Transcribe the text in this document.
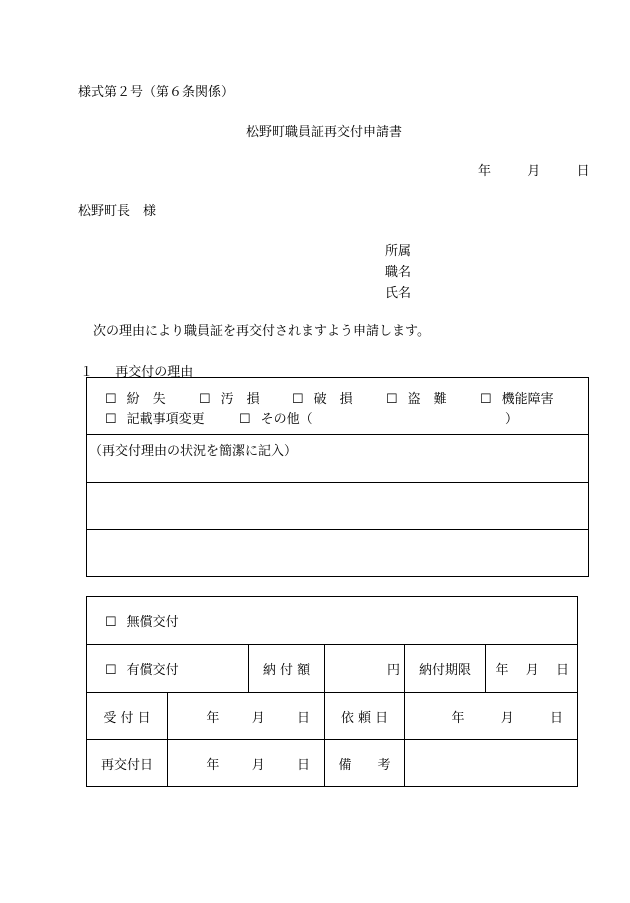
様式第２号（第６条関係）
松野町職員証再交付申請書
年	月	日
松野町長　様
所属
職名
氏名
次の理由により職員証を再交付されますよう申請します。
１ 再交付の理由
☐ 紛　失	☐ 汚　損 ☐ 破　損	☐ 盗　難	☐ 機能障害
☐ 記載事項変更	☐ その他（	）

（再交付理由の状況を簡潔に記入）

☐ 無償交付					
☐ 有償交付		納 付 額	円	納付期限	年 月 日
受 付 日	年 月 日		依 頼 日	年 月 日	
再交付日	年 月 日		備　　考		
